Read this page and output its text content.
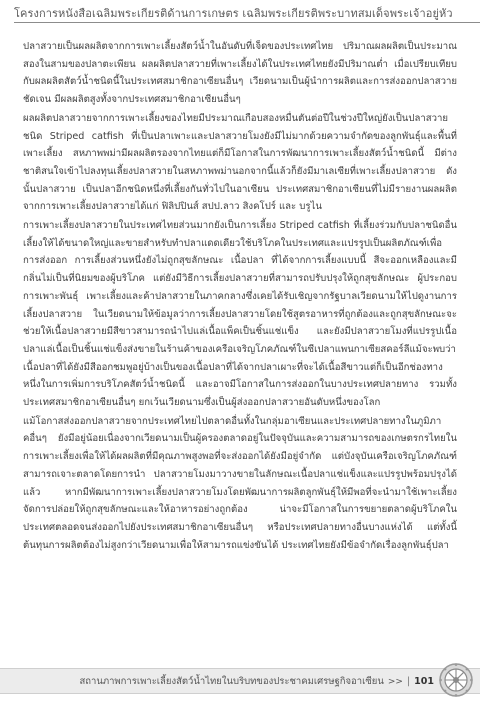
โครงการหนังสือเฉลิมพระเกียรติด้านการเกษตร เฉลิมพระเกียรติพระบาทสมเด็จพระเจ้าอยู่หัว

ปลาสวายเป็นผลผลิตจากการเพาะเลี้ยงสัตว์น้ำในอันดับที่เจ็ดของประเทศไทย ปริมาณผลผลิตเป็นประมาณสองในสามของปลาตะเพียน ผลผลิตปลาสวายที่เพาะเลี้ยงได้ในประเทศไทยยังมีปริมาณต่ำ เมื่อเปรียบเทียบกับผลผลิตสัตว์น้ำชนิดนี้ในประเทศสมาชิกอาเซียนอื่นๆ เวียดนามเป็นผู้นำการผลิตและการส่งออกปลาสวายชัดเจน มีผลผลิตสูงทั้งจากประเทศสมาชิกอาเซียนอื่นๆ

ผลผลิตปลาสวายจากการเพาะเลี้ยงของไทยมีประมาณเกือบสองหมื่นตันต่อปีในช่วงปีใหญ่ยังเป็นปลาสวายชนิด Striped catfish ที่เป็นปลาเพาะและปลาสวายโมงยังมีไม่มากด้วยความจำกัดของลูกพันธุ์และพื้นที่เพาะเลี้ยง สหภาพพม่ามีผลผลิตรองจากไทยแต่ก็มีโอกาสในการพัฒนาการเพาะเลี้ยงสัตว์น้ำชนิดนี้ มีต่างชาติสนใจเข้าไปลงทุนเลี้ยงปลาสวายในสหภาพพม่านอกจากนี้แล้วก็ยังมีมาเลเซียที่เพาะเลี้ยงปลาสวาย ดังนั้นปลาสวาย เป็นปลาอีกชนิดหนึ่งที่เลี้ยงกันทั่วไปในอาเซียน ประเทศสมาชิกอาเซียนที่ไม่มีรายงานผลผลิตจากการเพาะเลี้ยงปลาสวายได้แก่ ฟิลิปปินส์ สปป.ลาว สิงคโปร์ และ บรูไน

การเพาะเลี้ยงปลาสวายในประเทศไทยส่วนมากยังเป็นการเลี้ยง Striped catfish ที่เลี้ยงร่วมกับปลาชนิดอื่น เลี้ยงให้ได้ขนาดใหญ่และขายสำหรับทำปลาแดดเดียวใช้บริโภคในประเทศและแปรรูปเป็นผลิตภัณฑ์เพื่อการส่งออก การเลี้ยงส่วนหนึ่งยังไม่ถูกสุขลักษณะ เนื้อปลา ที่ได้จากการเลี้ยงแบบนี้ สีจะออกเหลืองและมีกลิ่นไม่เป็นที่นิยมของผู้บริโภค แต่ยังมีวิธีการเลี้ยงปลาสวายที่สามารถปรับปรุงให้ถูกสุขลักษณะ ผู้ประกอบการเพาะพันธุ์ เพาะเลี้ยงและค้าปลาสวายในภาคกลางซึ่งเคยได้รับเชิญจากรัฐบาลเวียดนามให้ไปดูงานการเลี้ยงปลาสวาย ในเวียดนามให้ข้อมูลว่าการเลี้ยงปลาสวายโดยใช้สูตรอาหารที่ถูกต้องและถูกสุขลักษณะจะช่วยให้เนื้อปลาสวายมีสีขาวสามารถนำไปแล่เนื้อแพ็คเป็นชิ้นแช่แข็ง และยังมีปลาสวายโมงที่แปรรูปเนื้อปลาแล่เนื้อเป็นชิ้นแช่แข็งส่งขายในร้านค้าของเครือเจริญโภคภัณฑ์ในซีเปลาแพนกาเซียสคอร์ลีแม้จะพบว่าเนื้อปลาที่ได้ยังมีสีออกชมพูอยู่บ้างเป็นของเนื้อปลาที่ได้จากปลาเผาะที่จะได้เนื้อสีขาวแต่ก็เป็นอีกช่องทางหนึ่งในการเพิ่มการบริโภคสัตว์น้ำชนิดนี้ และอาจมีโอกาสในการส่งออกในบางประเทศปลายทาง รวมทั้งประเทศสมาชิกอาเซียนอื่นๆ ยกเว้นเวียดนามซึ่งเป็นผู้ส่งออกปลาสวายอันดับหนึ่งของโลก

แม้โอกาสส่งออกปลาสวายจากประเทศไทยไปตลาดอื่นทั้งในกลุ่มอาเซียนและประเทศปลายทางในภูมิภาคอื่นๆ ยังมีอยู่น้อยเนื่องจากเวียดนามเป็นผู้ครองตลาดอยู่ในปัจจุบันและความสามารถของเกษตรกรไทยในการเพาะเลี้ยงเพื่อให้ได้ผลผลิตที่มีคุณภาพสูงพอที่จะส่งออกได้ยังมีอยู่จำกัด แต่บังจุบันเครือเจริญโภคภัณฑ์สามารถเจาะตลาดโดยการนำ ปลาสวายโมงมาวางขายในลักษณะเนื้อปลาแช่แข็งและแปรรูปพร้อมปรุงได้แล้ว หากมีพัฒนาการเพาะเลี้ยงปลาสวายโมงโดยพัฒนาการผลิตลูกพันธุ์ให้มีพอที่จะนำมาใช้เพาะเลี้ยง จัดการปล่อยให้ถูกสุขลักษณะและให้อาหารอย่างถูกต้อง น่าจะมีโอกาสในการขยายตลาดผู้บริโภคในประเทศตลอดจนส่งออกไปยังประเทศสมาชิกอาเซียนอื่นๆ หรือประเทศปลายทางอื่นบางแห่งได้ แต่ทั้งนี้ต้นทุนการผลิตต้องไม่สูงกว่าเวียดนามเพื่อให้สามารถแข่งขันได้ ประเทศไทยยังมีข้อจำกัดเรื่องลูกพันธุ์ปลา

สถานภาพการเพาะเลี้ยงสัตว์น้ำไทยในบริบทของประชาคมเศรษฐกิจอาเซียน >> | 101
